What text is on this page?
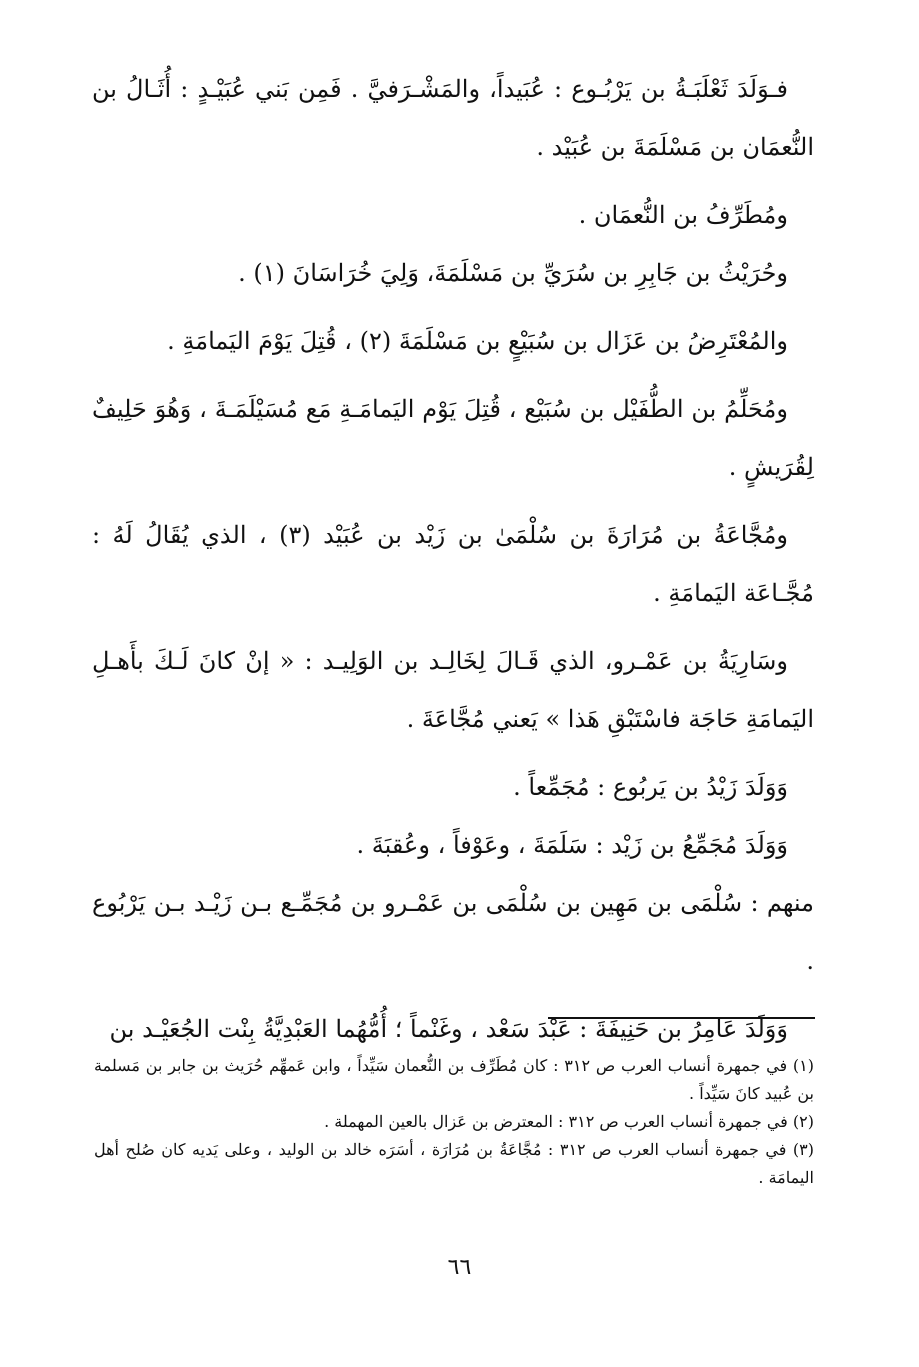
فـوَلَدَ ثَعْلَبَـةُ بن يَرْبُـوع : عُبَيداً، والمَشْـرَفيَّ . فَمِن بَني عُبَيْـدٍ : أُثَـالُ بن النُّعمَان بن مَسْلَمَةَ بن عُبَيْد .

ومُطَرِّفُ بن النُّعمَان .

وحُرَيْثُ بن جَابِرِ بن سُرَيِّ بن مَسْلَمَةَ، وَلِيَ خُرَاسَانَ (١) .

والمُعْتَرِضُ بن عَزَال بن سُبَيْعٍ بن مَسْلَمَةَ (٢) ، قُتِلَ يَوْمَ اليَمامَةِ .

ومُحَلِّمُ بن الطُّفَيْل بن سُبَيْع ، قُتِلَ يَوْم اليَمامَـةِ مَع مُسَيْلَمَـةَ ، وَهُوَ حَلِيفٌ لِقُرَيشٍ .

ومُجَّاعَةُ بن مُرَارَةَ بن سُلْمَىٰ بن زَيْد بن عُبَيْد (٣) ، الذي يُقَالُ لَهُ : مُجَّـاعَة اليَمامَةِ .

وسَارِيَةُ بن عَمْـرو، الذي قَـالَ لِخَالِـد بن الوَلِيـد : « إنْ كانَ لَـكَ بأَهـلِ اليَمامَةِ حَاجَة فاسْتَبْقِ هَذا » يَعني مُجَّاعَةَ .

وَوَلَدَ زَيْدُ بن يَربُوع : مُجَمِّعاً .

وَوَلَدَ مُجَمِّعُ بن زَيْد : سَلَمَةَ ، وعَوْفاً ، وعُقبَةَ .

منهم : سُلْمَى بن مَهِين بن سُلْمَى بن عَمْـرو بن مُجَمِّـع بـن زَيْـد بـن يَرْبُوع .

وَوَلَدَ عَامِرُ بن حَنِيفَةَ : عَبْدَ سَعْد ، وغَنْماً ؛ أُمُّهُما العَبْدِيَّةُ بِنْت الجُعَيْـد بن

(١) في جمهرة أنساب العرب ص ٣١٢ : كان مُطَرِّف بن النُّعمان سَيِّداً ، وابن عَمهِّم حُرَيث بن جابر بن مَسلمة بن عُبيد كانَ سَيِّداً .

(٢) في جمهرة أنساب العرب ص ٣١٢ : المعترض بن عَزال بالعين المهملة .

(٣) في جمهرة أنساب العرب ص ٣١٢ : مُجَّاعَةُ بن مُرَارَة ، أسَرَه خالد بن الوليد ، وعلى يَديه كان صُلح أهل اليمامَة .

٦٦
